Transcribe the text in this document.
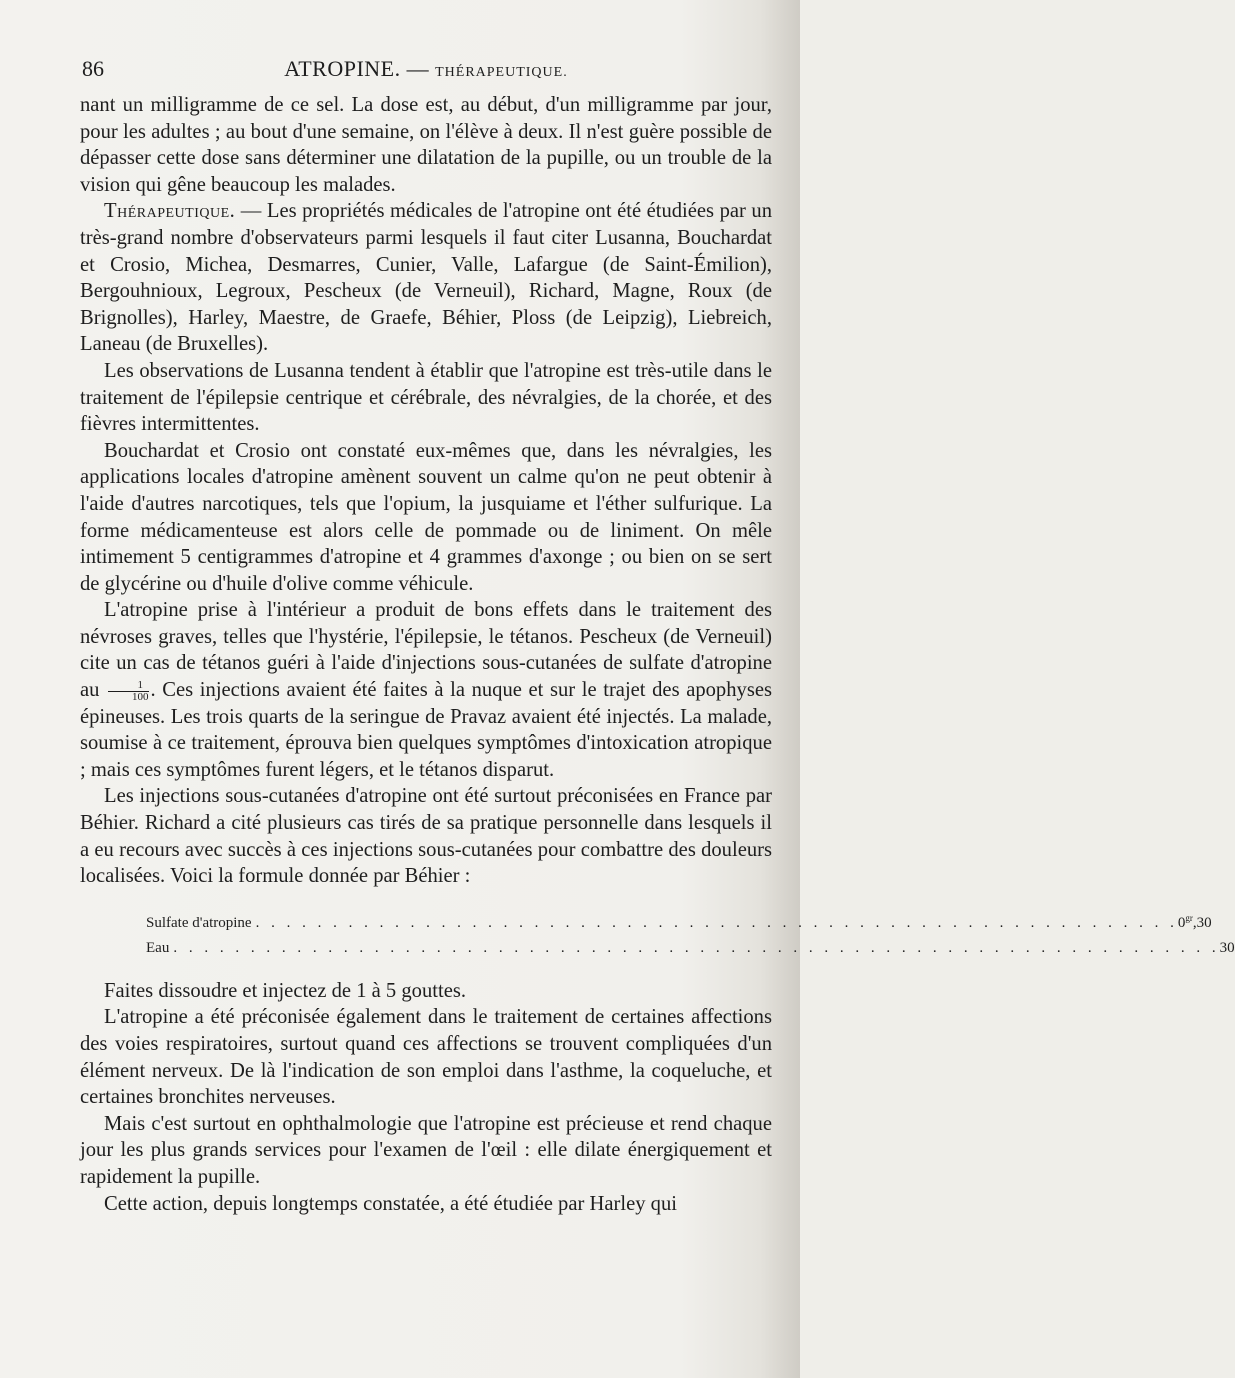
86	ATROPINE. — THÉRAPEUTIQUE.

nant un milligramme de ce sel. La dose est, au début, d'un milligramme par jour, pour les adultes ; au bout d'une semaine, on l'élève à deux. Il n'est guère possible de dépasser cette dose sans déterminer une dilatation de la pupille, ou un trouble de la vision qui gêne beaucoup les malades.

Thérapeutique. — Les propriétés médicales de l'atropine ont été étudiées par un très-grand nombre d'observateurs parmi lesquels il faut citer Lusanna, Bouchardat et Crosio, Michea, Desmarres, Cunier, Valle, Lafargue (de Saint-Émilion), Bergouhnioux, Legroux, Pescheux (de Verneuil), Richard, Magne, Roux (de Brignolles), Harley, Maestre, de Graefe, Béhier, Ploss (de Leipzig), Liebreich, Laneau (de Bruxelles).

Les observations de Lusanna tendent à établir que l'atropine est très-utile dans le traitement de l'épilepsie centrique et cérébrale, des névralgies, de la chorée, et des fièvres intermittentes.

Bouchardat et Crosio ont constaté eux-mêmes que, dans les névralgies, les applications locales d'atropine amènent souvent un calme qu'on ne peut obtenir à l'aide d'autres narcotiques, tels que l'opium, la jusquiame et l'éther sulfurique. La forme médicamenteuse est alors celle de pommade ou de liniment. On mêle intimement 5 centigrammes d'atropine et 4 grammes d'axonge ; ou bien on se sert de glycérine ou d'huile d'olive comme véhicule.

L'atropine prise à l'intérieur a produit de bons effets dans le traitement des névroses graves, telles que l'hystérie, l'épilepsie, le tétanos. Pescheux (de Verneuil) cite un cas de tétanos guéri à l'aide d'injections sous-cutanées de sulfate d'atropine au $\frac{1}{100}$ . Ces injections avaient été faites à la nuque et sur le trajet des apophyses épineuses. Les trois quarts de la seringue de Pravaz avaient été injectés. La malade, soumise à ce traitement, éprouva bien quelques symptômes d'intoxication atropique ; mais ces symptômes furent légers, et le tétanos disparut.

Les injections sous-cutanées d'atropine ont été surtout préconisées en France par Béhier. Richard a cité plusieurs cas tirés de sa pratique personnelle dans lesquels il a eu recours avec succès à ces injections sous-cutanées pour combattre des douleurs localisées. Voici la formule donnée par Béhier :

Sulfate d'atropine . . . . . . . . . . . . . . . . . . . . . . . . . . . . . . . . . . . . . . . . . . . . . . . . . . . . . . . . . . . . $0^{gr},30$
Eau . . . . . . . . . . . . . . . . . . . . . . . . . . . . . . . . . . . . . . . . . . . . . . . . . . . . . . . . . . . . . . . . . . . . 30

Faites dissoudre et injectez de 1 à 5 gouttes.

L'atropine a été préconisée également dans le traitement de certaines affections des voies respiratoires, surtout quand ces affections se trouvent compliquées d'un élément nerveux. De là l'indication de son emploi dans l'asthme, la coqueluche, et certaines bronchites nerveuses.

Mais c'est surtout en ophthalmologie que l'atropine est précieuse et rend chaque jour les plus grands services pour l'examen de l'œil : elle dilate énergiquement et rapidement la pupille.

Cette action, depuis longtemps constatée, a été étudiée par Harley qui
